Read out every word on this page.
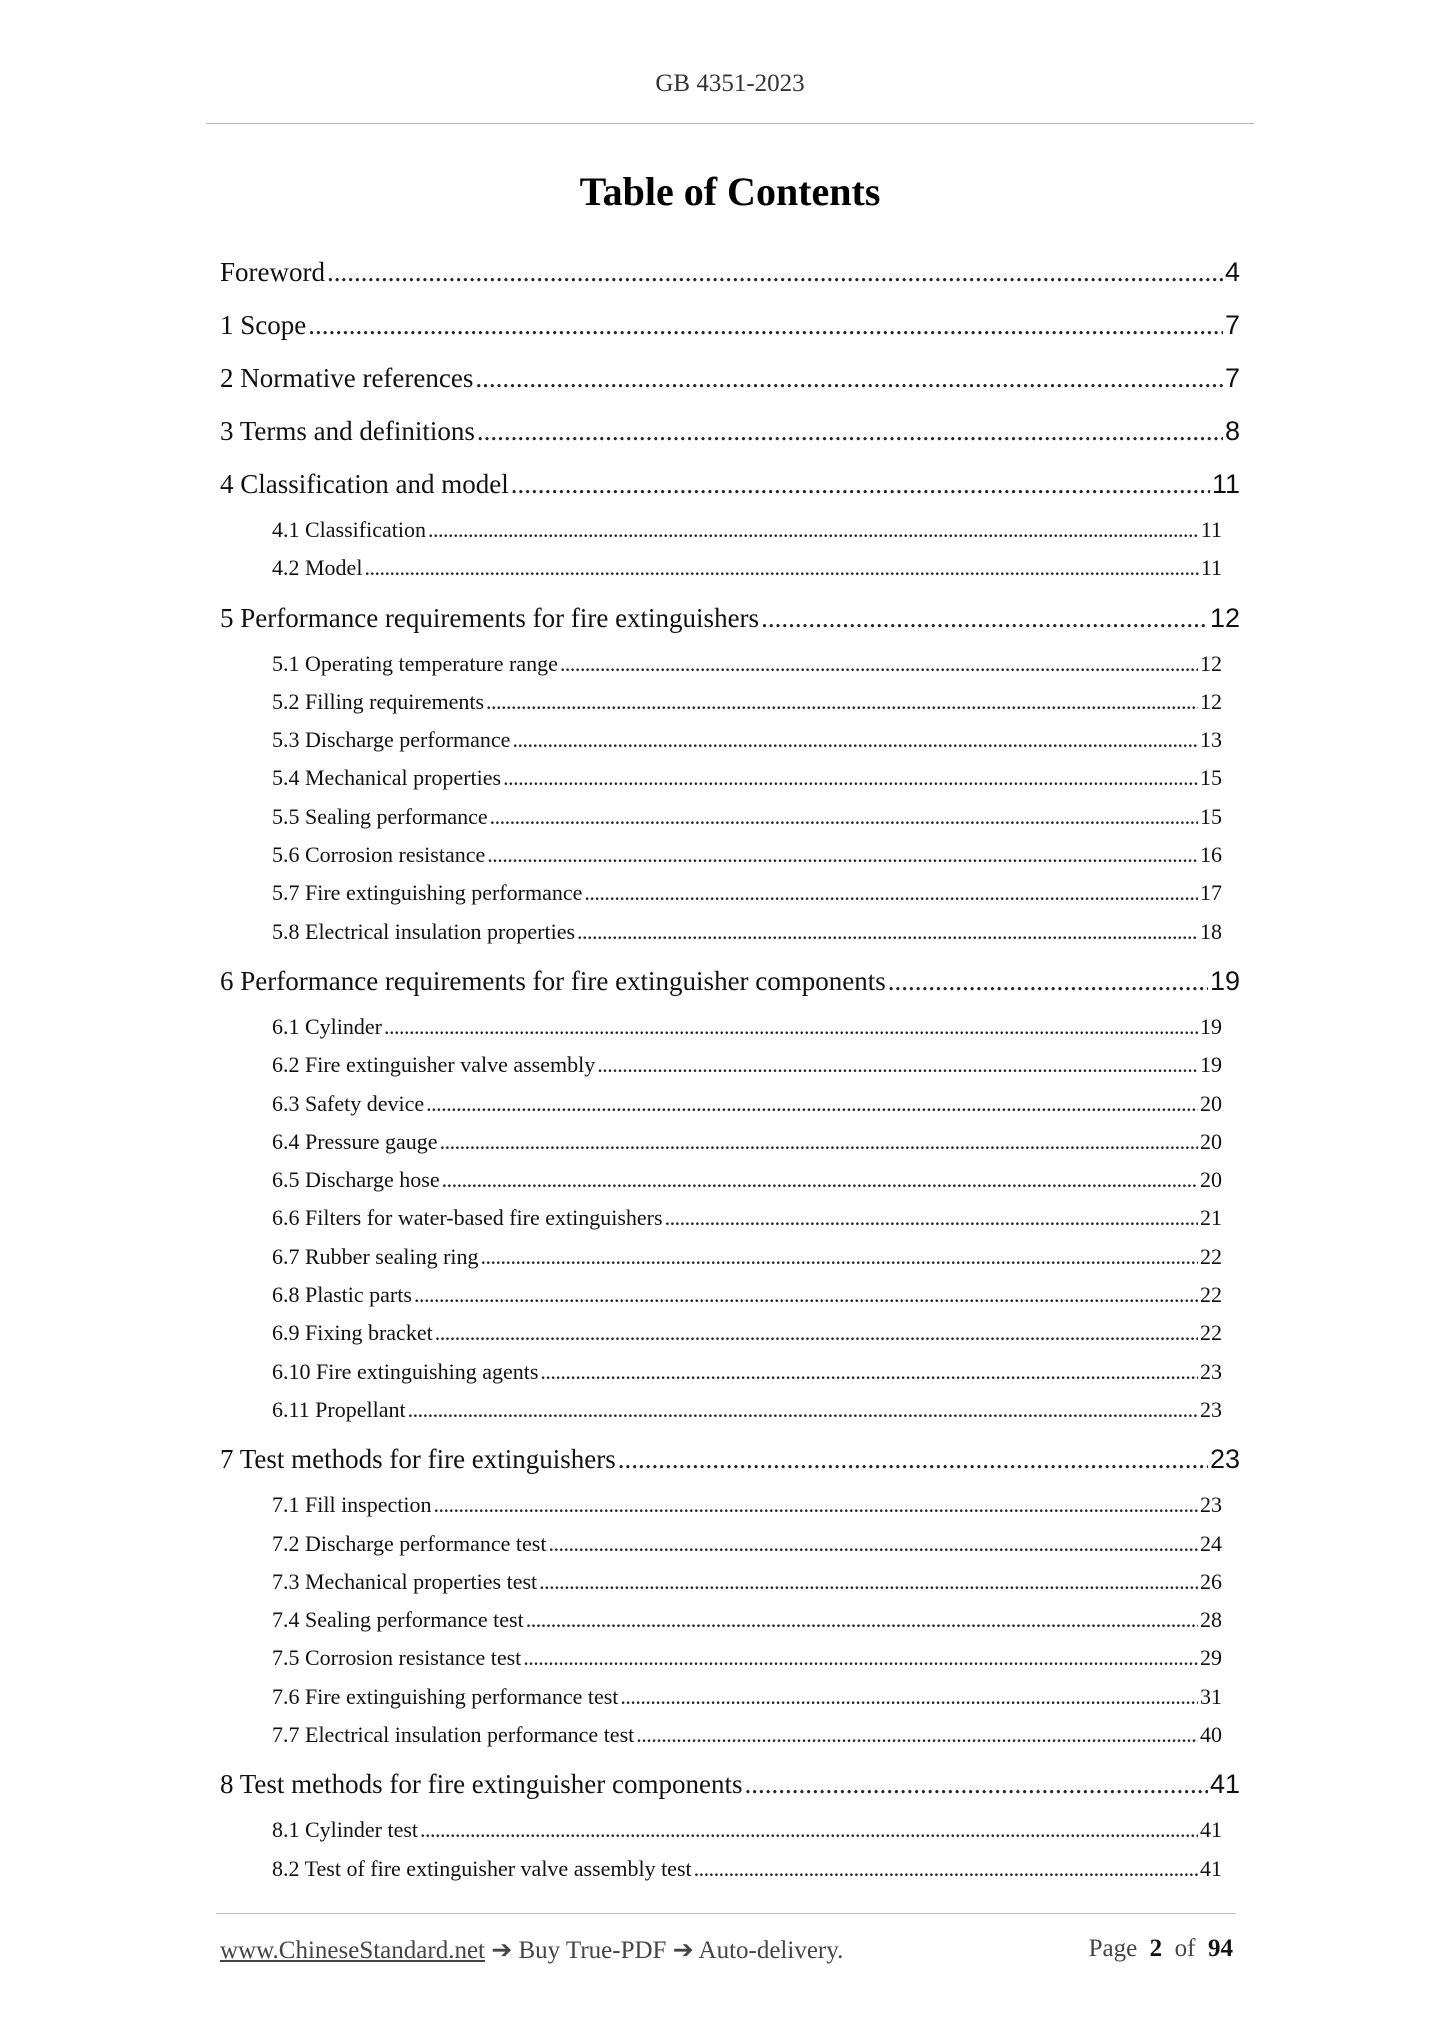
GB 4351-2023
Table of Contents
Foreword .....	4
1 Scope .....	7
2 Normative references .....	7
3 Terms and definitions .....	8
4 Classification and model .....	11
4.1 Classification .....	11
4.2 Model .....	11
5 Performance requirements for fire extinguishers .....	12
5.1 Operating temperature range .....	12
5.2 Filling requirements .....	12
5.3 Discharge performance .....	13
5.4 Mechanical properties .....	15
5.5 Sealing performance .....	15
5.6 Corrosion resistance .....	16
5.7 Fire extinguishing performance .....	17
5.8 Electrical insulation properties .....	18
6 Performance requirements for fire extinguisher components .....	19
6.1 Cylinder .....	19
6.2 Fire extinguisher valve assembly .....	19
6.3 Safety device .....	20
6.4 Pressure gauge .....	20
6.5 Discharge hose .....	20
6.6 Filters for water-based fire extinguishers .....	21
6.7 Rubber sealing ring .....	22
6.8 Plastic parts .....	22
6.9 Fixing bracket .....	22
6.10 Fire extinguishing agents .....	23
6.11 Propellant .....	23
7 Test methods for fire extinguishers .....	23
7.1 Fill inspection .....	23
7.2 Discharge performance test .....	24
7.3 Mechanical properties test .....	26
7.4 Sealing performance test .....	28
7.5 Corrosion resistance test .....	29
7.6 Fire extinguishing performance test .....	31
7.7 Electrical insulation performance test .....	40
8 Test methods for fire extinguisher components .....	41
8.1 Cylinder test .....	41
8.2 Test of fire extinguisher valve assembly test .....	41
www.ChineseStandard.net ➔ Buy True-PDF ➔ Auto-delivery.	Page 2 of 94
